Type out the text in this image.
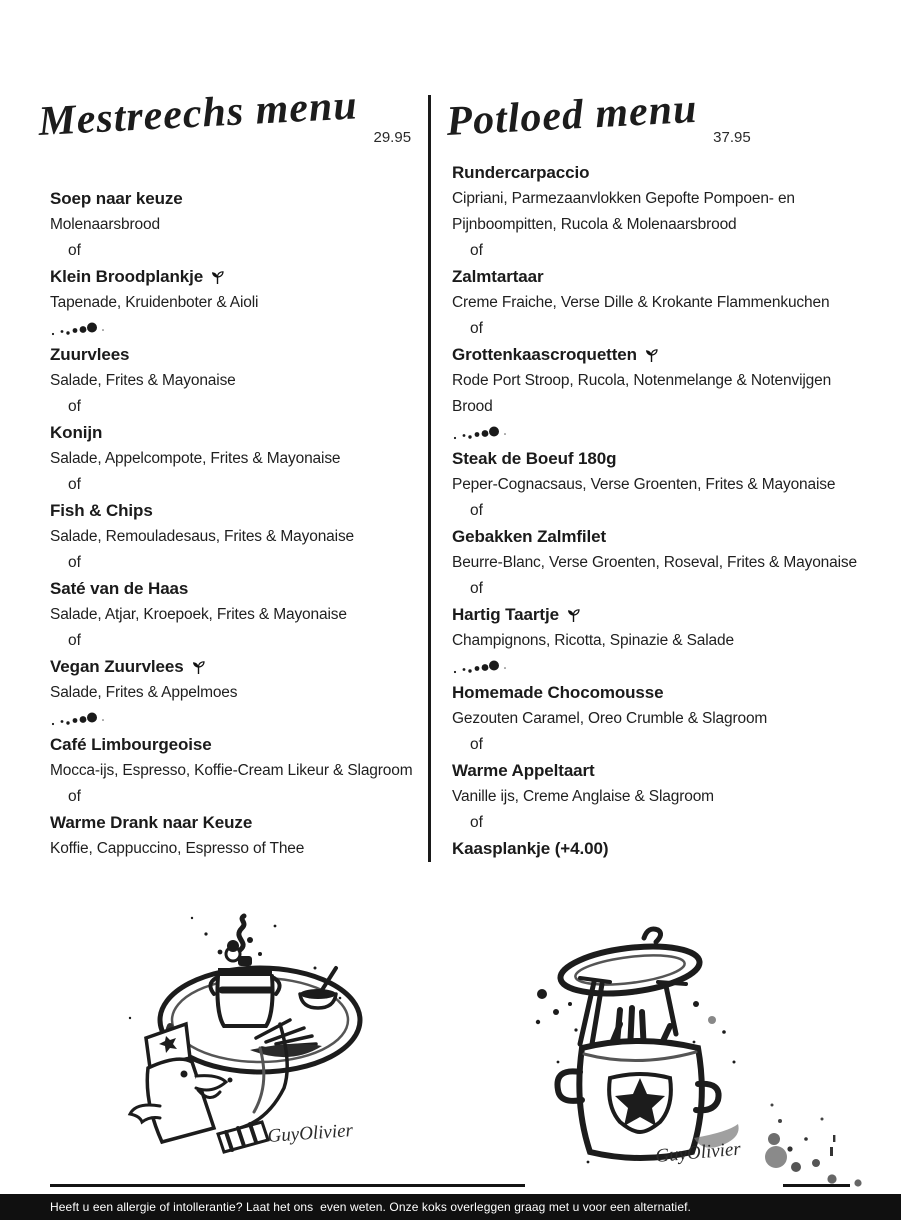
Mestreechs menu 29.95 Potloed menu 37.95
Soep naar keuze
Molenaarsbrood
of
Klein Broodplankje
Tapenade, Kruidenboter & Aioli
Zuurvlees
Salade, Frites & Mayonaise
of
Konijn
Salade, Appelcompote, Frites & Mayonaise
of
Fish & Chips
Salade, Remouladesaus, Frites & Mayonaise
of
Saté van de Haas
Salade, Atjar, Kroepoek, Frites & Mayonaise
of
Vegan Zuurvlees
Salade, Frites & Appelmoes
Café Limbourgeoise
Mocca-ijs, Espresso, Koffie-Cream Likeur & Slagroom
of
Warme Drank naar Keuze
Koffie, Cappuccino, Espresso of Thee
Rundercarpaccio
Cipriani, Parmezaanvlokken Gepofte Pompoen- en
Pijnboompitten, Rucola & Molenaarsbrood
of
Zalmtartaar
Creme Fraiche, Verse Dille & Krokante Flammenkuchen
of
Grottenkaascroquetten
Rode Port Stroop, Rucola, Notenmelange & Notenvijgen
Brood
Steak de Boeuf 180g
Peper-Cognacsaus, Verse Groenten, Frites & Mayonaise
of
Gebakken Zalmfilet
Beurre-Blanc, Verse Groenten, Roseval, Frites & Mayonaise
of
Hartig Taartje
Champignons, Ricotta, Spinazie & Salade
Homemade Chocomousse
Gezouten Caramel, Oreo Crumble & Slagroom
of
Warme Appeltaart
Vanille ijs, Creme Anglaise & Slagroom
of
Kaasplankje (+4.00)
GuyOlivier
GuyOlivier
Heeft u een allergie of intollerantie? Laat het ons  even weten. Onze koks overleggen graag met u voor een alternatief.
